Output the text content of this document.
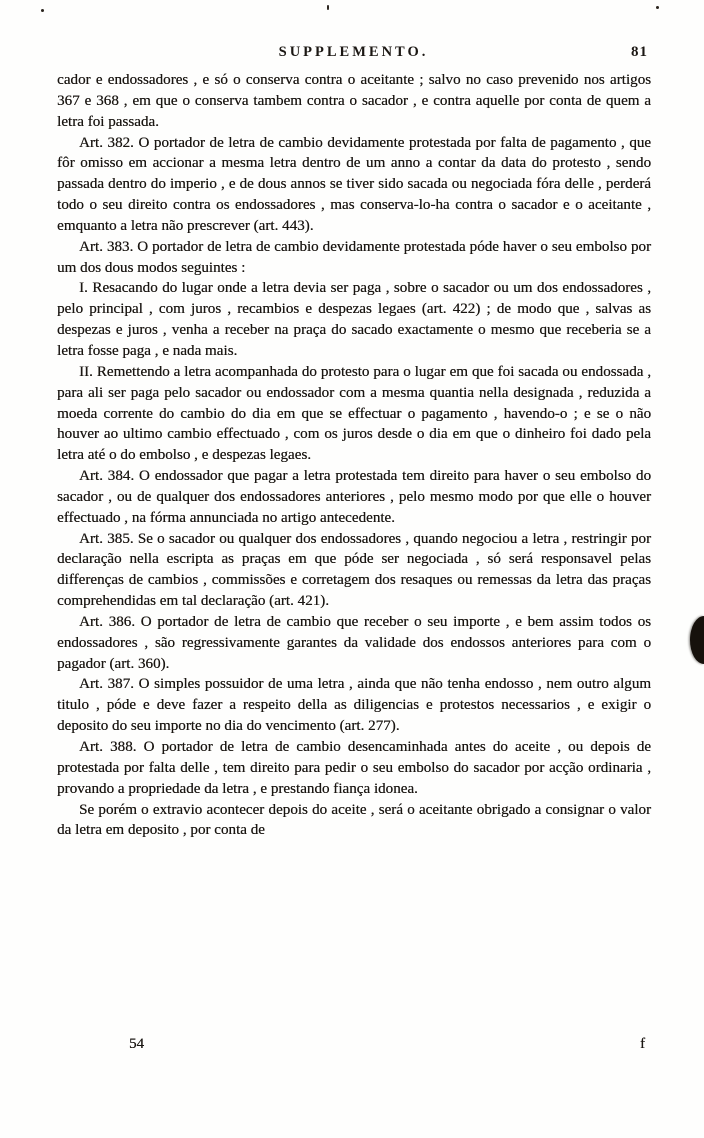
SUPPLEMENTO.	81

cador e endossadores , e só o conserva contra o aceitante ; salvo no caso prevenido nos artigos 367 e 368 , em que o conserva tambem contra o sacador , e contra aquelle por conta de quem a letra foi passada.

Art. 382. O portador de letra de cambio devidamente protestada por falta de pagamento , que fôr omisso em accionar a mesma letra dentro de um anno a contar da data do protesto , sendo passada dentro do imperio , e de dous annos se tiver sido sacada ou negociada fóra delle , perderá todo o seu direito contra os endossadores , mas conserva-lo-ha contra o sacador e o aceitante , emquanto a letra não prescrever (art. 443).

Art. 383. O portador de letra de cambio devidamente protestada póde haver o seu embolso por um dos dous modos seguintes :

I. Resacando do lugar onde a letra devia ser paga , sobre o sacador ou um dos endossadores , pelo principal , com juros , recambios e despezas legaes (art. 422) ; de modo que , salvas as despezas e juros , venha a receber na praça do sacado exactamente o mesmo que receberia se a letra fosse paga , e nada mais.

II. Remettendo a letra acompanhada do protesto para o lugar em que foi sacada ou endossada , para ali ser paga pelo sacador ou endossador com a mesma quantia nella designada , reduzida a moeda corrente do cambio do dia em que se effectuar o pagamento , havendo-o ; e se o não houver ao ultimo cambio effectuado , com os juros desde o dia em que o dinheiro foi dado pela letra até o do embolso , e despezas legaes.

Art. 384. O endossador que pagar a letra protestada tem direito para haver o seu embolso do sacador , ou de qualquer dos endossadores anteriores , pelo mesmo modo por que elle o houver effectuado , na fórma annunciada no artigo antecedente.

Art. 385. Se o sacador ou qualquer dos endossadores , quando negociou a letra , restringir por declaração nella escripta as praças em que póde ser negociada , só será responsavel pelas differenças de cambios , commissões e corretagem dos resaques ou remessas da letra das praças comprehendidas em tal declaração (art. 421).

Art. 386. O portador de letra de cambio que receber o seu importe , e bem assim todos os endossadores , são regressivamente garantes da validade dos endossos anteriores para com o pagador (art. 360).

Art. 387. O simples possuidor de uma letra , ainda que não tenha endosso , nem outro algum titulo , póde e deve fazer a respeito della as diligencias e protestos necessarios , e exigir o deposito do seu importe no dia do vencimento (art. 277).

Art. 388. O portador de letra de cambio desencaminhada antes do aceite , ou depois de protestada por falta delle , tem direito para pedir o seu embolso do sacador por acção ordinaria , provando a propriedade da letra , e prestando fiança idonea.

Se porém o extravio acontecer depois do aceite , será o aceitante obrigado a consignar o valor da letra em deposito , por conta de

54	f
